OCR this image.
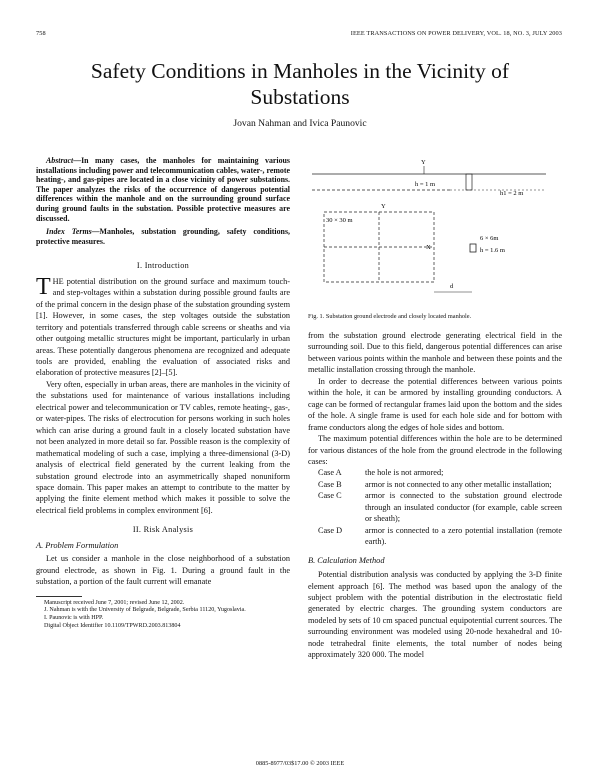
758	IEEE TRANSACTIONS ON POWER DELIVERY, VOL. 18, NO. 3, JULY 2003
Safety Conditions in Manholes in the Vicinity of Substations
Jovan Nahman and Ivica Paunovic

Abstract—In many cases, the manholes for maintaining various installations including power and telecommunication cables, water-, remote heating-, and gas-pipes are located in a close vicinity of power substations. The paper analyzes the risks of the occurrence of dangerous potential differences within the manhole and on the surrounding ground surface during ground faults in the substation. Possible protective measures are discussed.

Index Terms—Manholes, substation grounding, safety conditions, protective measures.

I. Introduction

THE potential distribution on the ground surface and maximum touch- and step-voltages within a substation during possible ground faults are of the primal concern in the design phase of the substation grounding system [1]. However, in some cases, the step voltages outside the substation territory and potentials transferred through cable screens or sheaths and via other outgoing metallic structures might be important, particularly in urban areas. These potentially dangerous phenomena are recognized and adequate tools are provided, enabling the evaluation of associated risks and elaboration of protective measures [2]–[5].

Very often, especially in urban areas, there are manholes in the vicinity of the substations used for maintenance of various installations including electrical power and telecommunication or TV cables, remote heating-, gas-, or water-pipes. The risks of electrocution for persons working in such holes which can arise during a ground fault in a closely located substation have not been analyzed in more detail so far. Possible reason is the complexity of mathematical modeling of such a case, implying a three-dimensional (3-D) analysis of electrical field generated by the current leaking from the substation ground electrode into an asymmetrically shaped nonuniform space domain. This paper makes an attempt to contribute to the matter by applying the finite element method which makes it possible to solve the electrical field problems in complex environment [6].

II. Risk Analysis

A. Problem Formulation

Let us consider a manhole in the close neighborhood of a substation ground electrode, as shown in Fig. 1. During a ground fault in the substation, a portion of the fault current will emanate

Manuscript received June 7, 2001; revised June 12, 2002.
J. Nahman is with the University of Belgrade, Belgrade, Serbia 11120, Yugoslavia.
I. Paunovic is with HPP.
Digital Object Identifier 10.1109/TPWRD.2003.813804
h = 1 m
h1 = 2 m
Y
30 × 30 m
X
Y
6 × 6m
h = 1.6 m
d
Fig. 1. Substation ground electrode and closely located manhole.

from the substation ground electrode generating electrical field in the surrounding soil. Due to this field, dangerous potential differences can arise between various points within the manhole and between these points and the metallic installation crossing through the manhole.

In order to decrease the potential differences between various points within the hole, it can be armored by installing grounding conductors. A cage can be formed of rectangular frames laid upon the bottom and the sides of the hole. A single frame is used for each hole side and for bottom with frame conductors along the edges of hole sides and bottom.

The maximum potential differences within the hole are to be determined for various distances of the hole from the ground electrode in the following cases:

Case A	the hole is not armored;
Case B	armor is not connected to any other metallic installation;
Case C	armor is connected to the substation ground electrode through an insulated conductor (for example, cable screen or sheath);
Case D	armor is connected to a zero potential installation (remote earth).

B. Calculation Method

Potential distribution analysis was conducted by applying the 3-D finite element approach [6]. The method was based upon the analogy of the subject problem with the potential distribution in the electrostatic field generated by electric charges. The grounding system conductors are modeled by sets of 10 cm spaced punctual equipotential current sources. The surrounding environment was modeled using 20-node hexahedral and 10-node tetrahedral finite elements, the total number of nodes being approximately 320 000. The model

0885-8977/03$17.00 © 2003 IEEE
